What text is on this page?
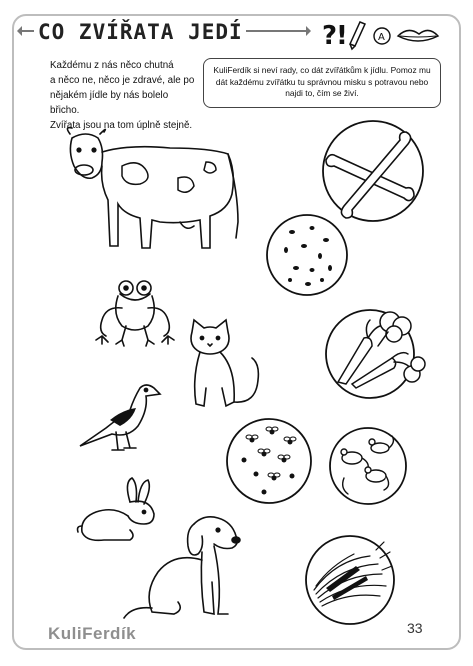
CO ZVÍŘATA JEDÍ	?
!	A
Každému z nás něco chutná
a něco ne, něco je zdravé, ale po
nějakém jídle by nás bolelo břicho.
Zvířata jsou na tom úplně stejně.
KuliFerdík si neví rady, co dát zvířátkům k jídlu. Pomoz mu dát každému zvířátku tu správnou misku s potravou nebo najdi to, čím se živí.
KuliFerdík	33
